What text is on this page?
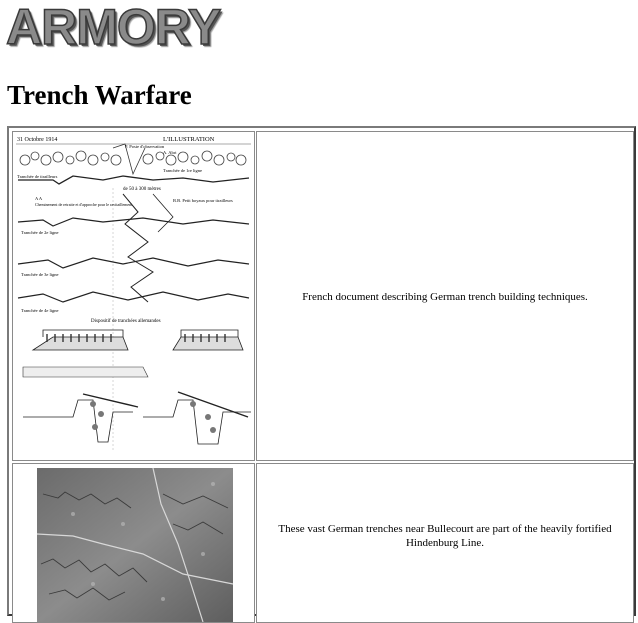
ARMORY
Trench Warfare
31 Octobre 1914	L'ILLUSTRATION
P. Poste d'observation
A. Abri
Tranchée de tirailleurs
Tranchée de 1re ligne
de 50 à 300 mètres
A A
Cheminement de retraite et d'approche pour le ravitaillement
B.B. Petit boyaux pour tirailleurs
Tranchée de 2e ligne
Tranchée de 3e ligne
Tranchée de 4e ligne
Dispositif de tranchées allemandes
French document describing German trench building techniques.
These vast German trenches near Bullecourt are part of the heavily fortified Hindenburg Line.
